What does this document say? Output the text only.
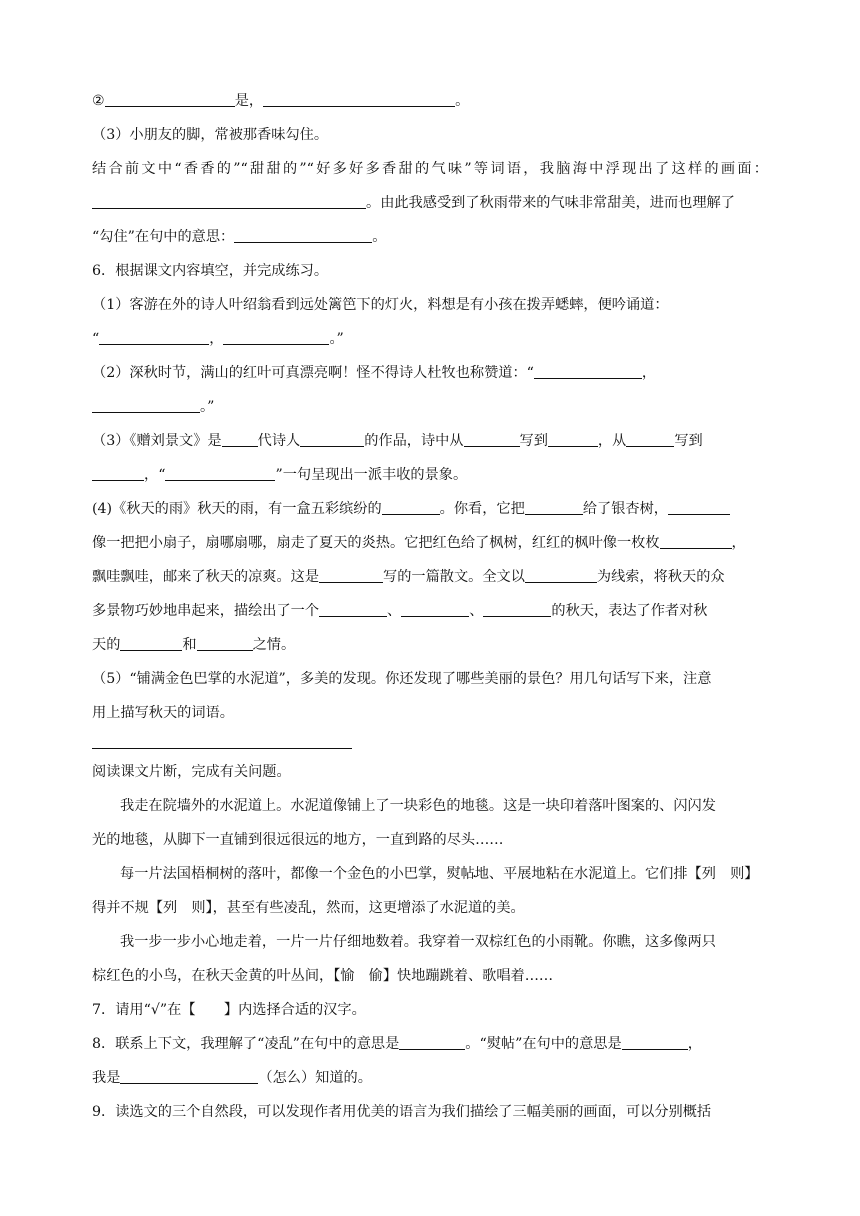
②	是，	。
（3）小朋友的脚，常被那香味勾住。
结合前文中“香香的”“甜甜的”“好多好多香甜的气味”等词语，我脑海中浮现出了这样的画面：
。由此我感受到了秋雨带来的气味非常甜美，进而也理解了
“勾住”在句中的意思：	。
6．根据课文内容填空，并完成练习。
（1）客游在外的诗人叶绍翁看到远处篱笆下的灯火，料想是有小孩在拨弄蟋蟀，便吟诵道：
“	，	。”
（2）深秋时节，满山的红叶可真漂亮啊！怪不得诗人杜牧也称赞道：“	，
。”
（3）《赠刘景文》是	代诗人	的作品，诗中从	写到	，从	写到
，“	”一句呈现出一派丰收的景象。
(4)《秋天的雨》秋天的雨，有一盒五彩缤纷的	。你看，它把	给了银杏树，
像一把把小扇子，扇哪扇哪，扇走了夏天的炎热。它把红色给了枫树，红红的枫叶像一枚枚	，
飘哇飘哇，邮来了秋天的凉爽。这是	写的一篇散文。全文以	为线索，将秋天的众
多景物巧妙地串起来，描绘出了一个	、	、	的秋天，表达了作者对秋
天的	和	之情。
（5）“铺满金色巴掌的水泥道”，多美的发现。你还发现了哪些美丽的景色？用几句话写下来，注意
用上描写秋天的词语。
阅读课文片断，完成有关问题。
我走在院墙外的水泥道上。水泥道像铺上了一块彩色的地毯。这是一块印着落叶图案的、闪闪发
光的地毯，从脚下一直铺到很远很远的地方，一直到路的尽头……
每一片法国梧桐树的落叶，都像一个金色的小巴掌，熨帖 ·地、平展地粘在水泥道上。它们排【列　则】
得并不规【列　则】，甚至有些凌乱，然而，这更增添了水泥道的美。
我一步一步小心地走着，一片一片仔细地数着。我穿着一双棕红色的小雨靴。你瞧，这多像两只
棕红色的小鸟，在秋天金黄的叶丛间，【愉　偷】快地蹦跳着、歌唱着……
7．请用“√”在【　　】内选择合适的汉字。
8．联系上下文，我理解了“凌乱”在句中的意思是	。“熨帖”在句中的意思是	，
我是	（怎么）知道的。
9．读选文的三个自然段，可以发现作者用优美的语言为我们描绘了三幅美丽的画面，可以分别概括
